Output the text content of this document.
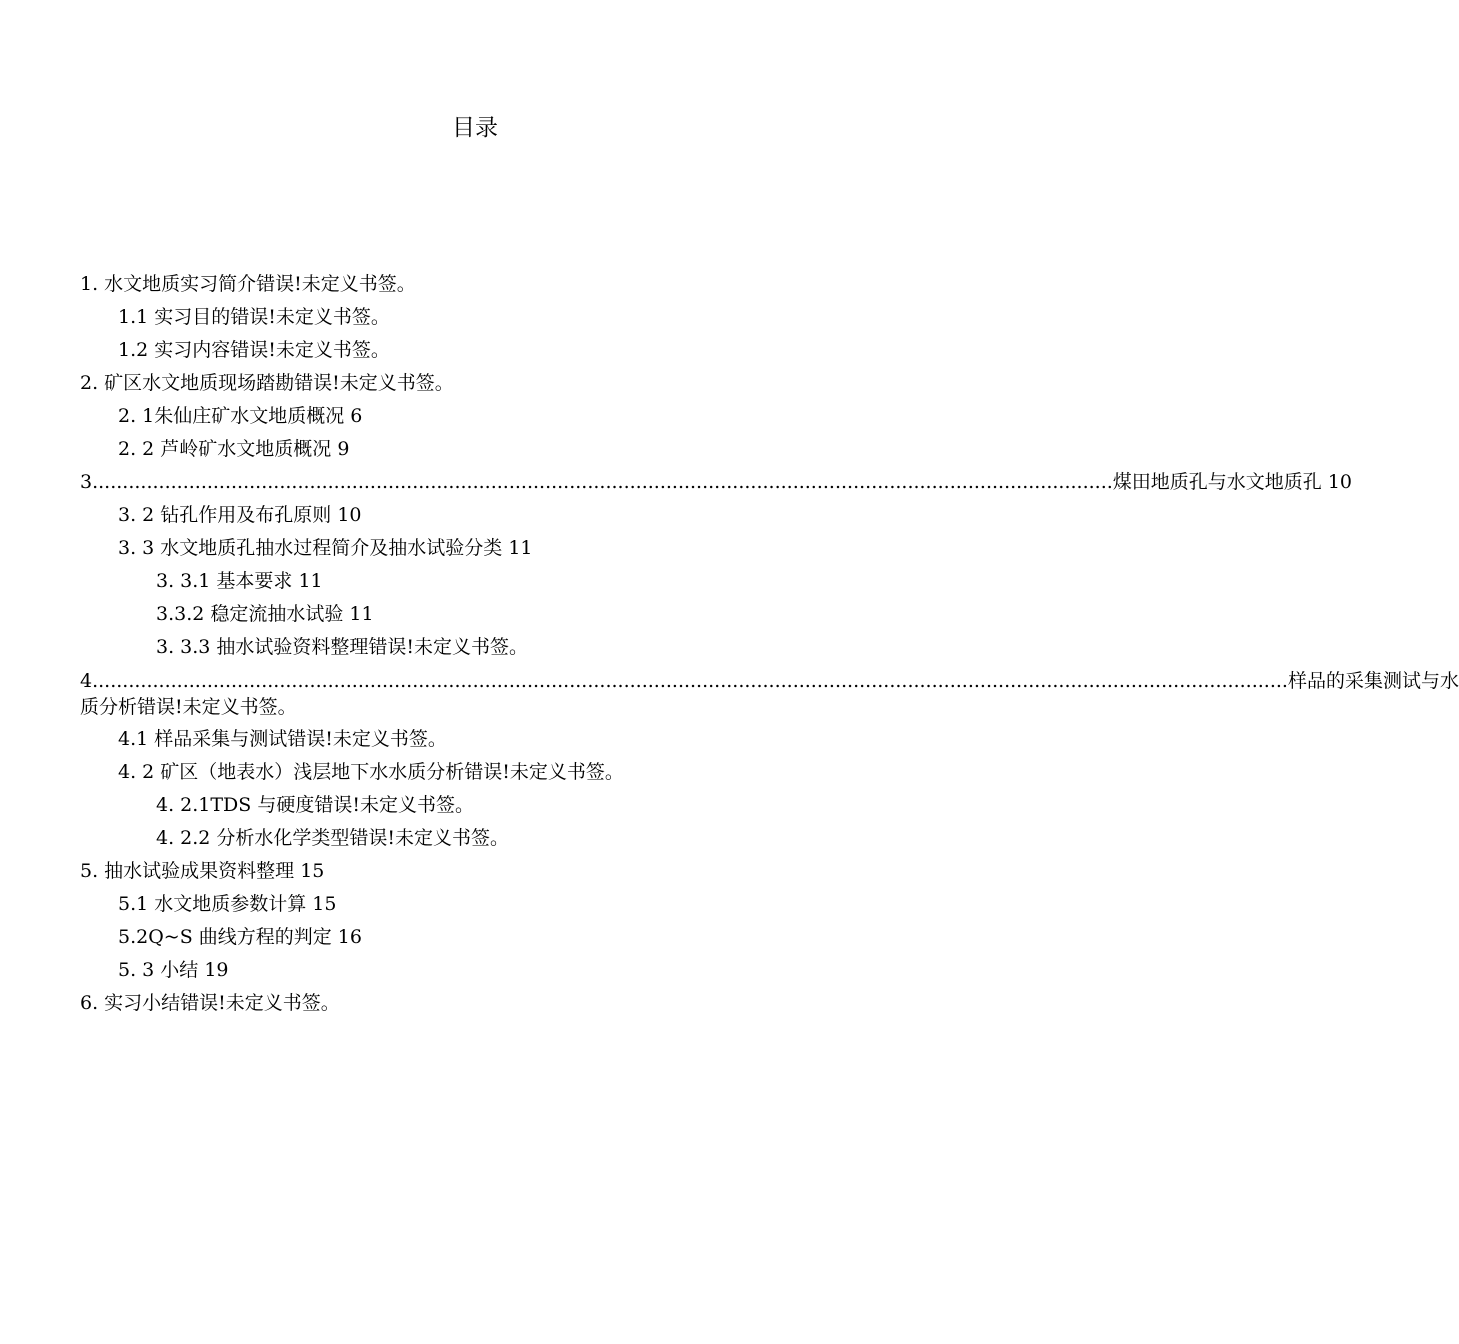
目录
1. 水文地质实习简介错误!未定义书签。
1.1 实习目的错误!未定义书签。
1.2 实习内容错误!未定义书签。
2. 矿区水文地质现场踏勘错误!未定义书签。
2. 1朱仙庄矿水文地质概况 6
2. 2 芦岭矿水文地质概况 9
3. ........................................................................................................................................................................ 煤田地质孔与水文地质孔 10
3. 2 钻孔作用及布孔原则 10
3. 3 水文地质孔抽水过程简介及抽水试验分类 11
3. 3.1 基本要求 11
3.3.2 稳定流抽水试验 11
3. 3.3 抽水试验资料整理错误!未定义书签。
4. ..................................................................................................................................................................................................... 样品的采集测试与水
质分析错误!未定义书签。
4.1 样品采集与测试错误!未定义书签。
4. 2 矿区（地表水）浅层地下水水质分析错误!未定义书签。
4. 2.1TDS 与硬度错误!未定义书签。
4. 2.2 分析水化学类型错误!未定义书签。
5. 抽水试验成果资料整理 15
5.1 水文地质参数计算 15
5.2Q~S 曲线方程的判定 16
5. 3 小结 19
6. 实习小结错误!未定义书签。
